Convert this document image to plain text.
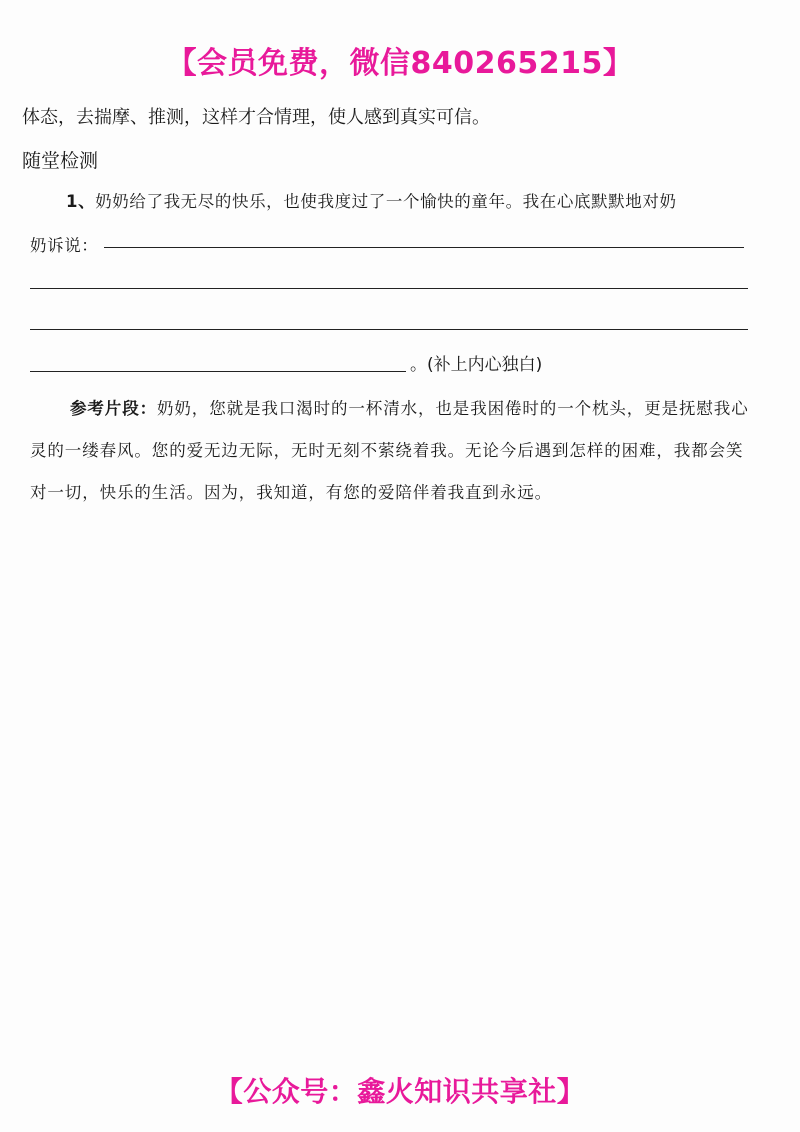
【会员免费，微信840265215】
体态，去揣摩、推测，这样才合情理，使人感到真实可信。
随堂检测
1、奶奶给了我无尽的快乐，也使我度过了一个愉快的童年。我在心底默默地对奶
奶诉说：
。(补上内心独白)
参考片段：奶奶，您就是我口渴时的一杯清水，也是我困倦时的一个枕头，更是抚慰我心灵的一缕春风。您的爱无边无际，无时无刻不萦绕着我。无论今后遇到怎样的困难，我都会笑对一切，快乐的生活。因为，我知道，有您的爱陪伴着我直到永远。
【公众号：鑫火知识共享社】
